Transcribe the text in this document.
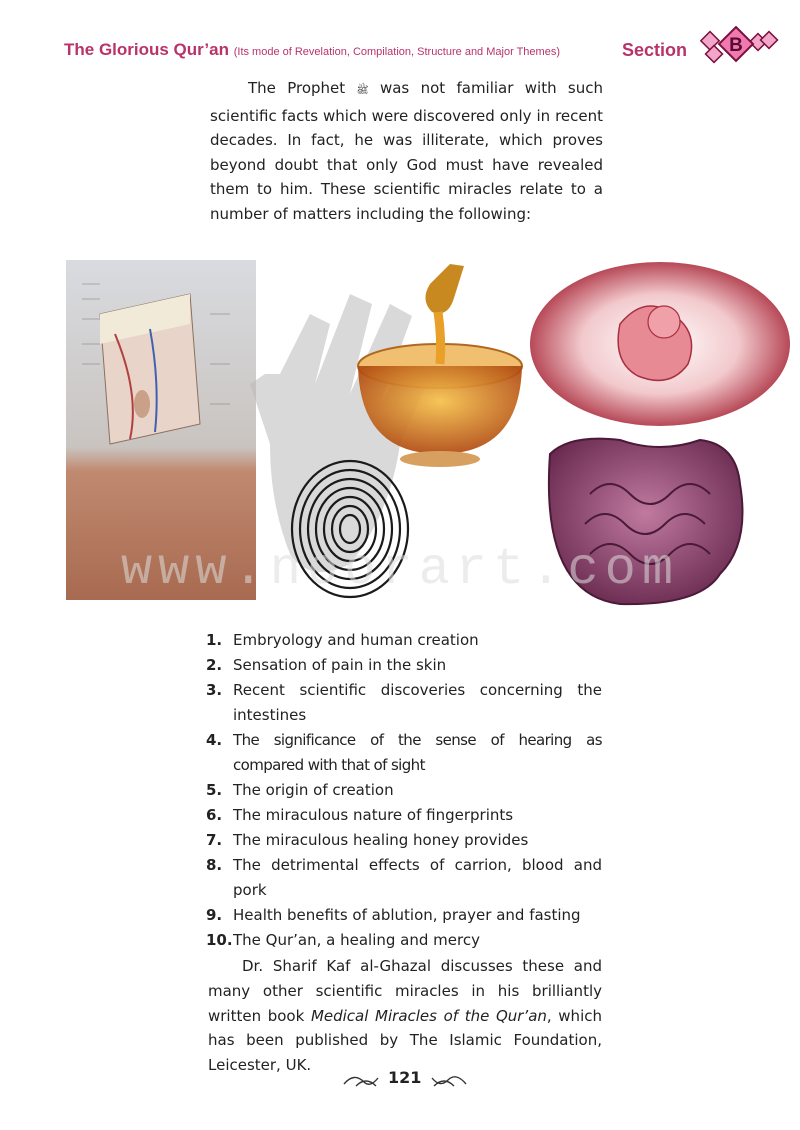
The Glorious Qur’an (Its mode of Revelation, Compilation, Structure and Major Themes)	Section B

The Prophet ﷺ was not familiar with such scientific facts which were discovered only in recent decades. In fact, he was illiterate, which proves beyond doubt that only God must have revealed them to him. These scientific miracles relate to a number of matters including the following:

www.noorart.com
1. Embryology and human creation
2. Sensation of pain in the skin
3. Recent scientific discoveries concerning the intestines
4. The significance of the sense of hearing as compared with that of sight
5. The origin of creation
6. The miraculous nature of fingerprints
7. The miraculous healing honey provides
8. The detrimental effects of carrion, blood and pork
9. Health benefits of ablution, prayer and fasting
10. The Qur’an, a healing and mercy

Dr. Sharif Kaf al-Ghazal discusses these and many other scientific miracles in his brilliantly written book Medical Miracles of the Qur’an, which has been published by The Islamic Foundation, Leicester, UK.

121
